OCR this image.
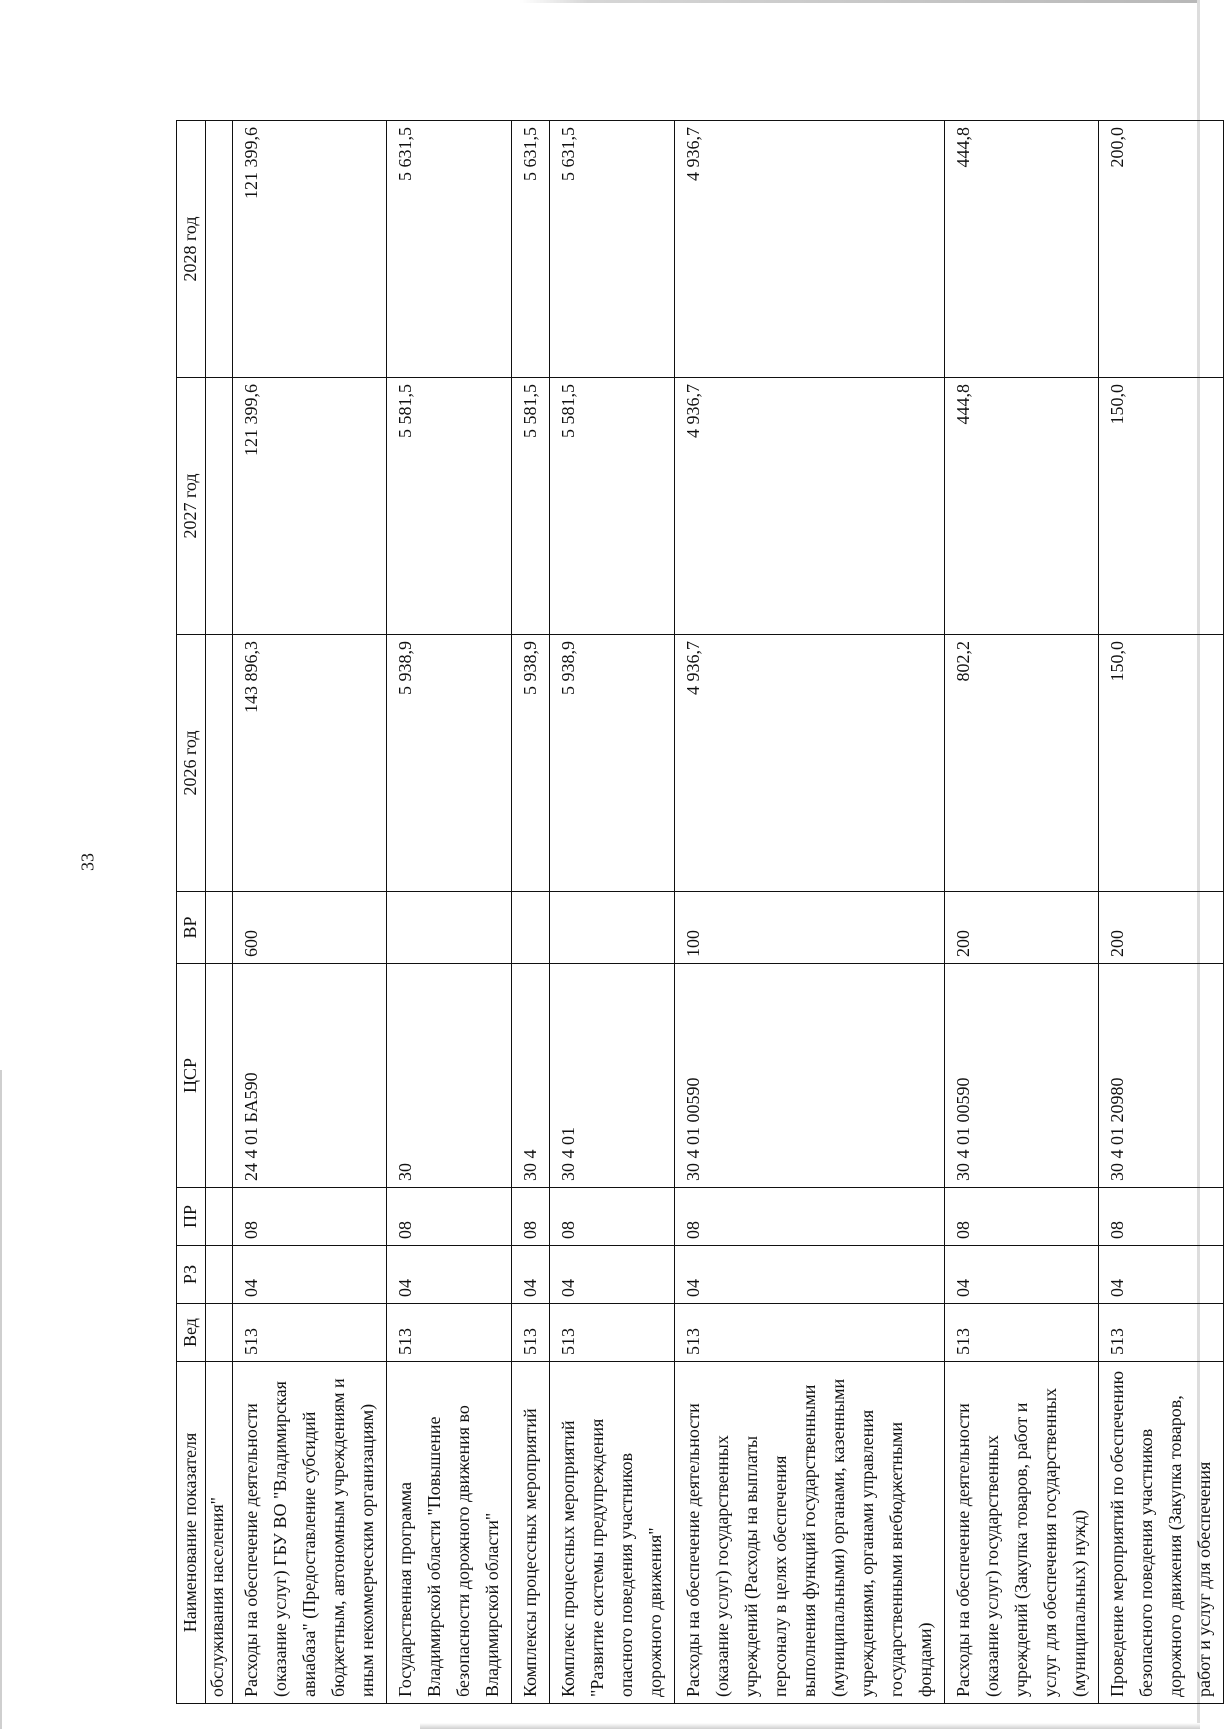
33
Наименование показателя	Вед	РЗ	ПР	ЦСР	ВР	2026 год	2027 год	2028 год
обслуживания населения"								
Расходы на обеспечение деятельности (оказание услуг) ГБУ ВО "Владимирская авиабаза" (Предоставление субсидий бюджетным, автономным учреждениям и иным некоммерческим организациям)	513	04	08	24 4 01 БА590	600	143 896,3	121 399,6	121 399,6
Государственная программа Владимирской области "Повышение безопасности дорожного движения во Владимирской области"	513	04	08	30		5 938,9	5 581,5	5 631,5
Комплексы процессных мероприятий	513	04	08	30 4		5 938,9	5 581,5	5 631,5
Комплекс процессных мероприятий "Развитие системы предупреждения опасного поведения участников дорожного движения"	513	04	08	30 4 01		5 938,9	5 581,5	5 631,5
Расходы на обеспечение деятельности (оказание услуг) государственных учреждений (Расходы на выплаты персоналу в целях обеспечения выполнения функций государственными (муниципальными) органами, казенными учреждениями, органами управления государственными внебюджетными фондами)	513	04	08	30 4 01 00590	100	4 936,7	4 936,7	4 936,7
Расходы на обеспечение деятельности (оказание услуг) государственных учреждений (Закупка товаров, работ и услуг для обеспечения государственных (муниципальных) нужд)	513	04	08	30 4 01 00590	200	802,2	444,8	444,8
Проведение мероприятий по обеспечению безопасного поведения участников дорожного движения (Закупка товаров, работ и услуг для обеспечения	513	04	08	30 4 01 20980	200	150,0	150,0	200,0
